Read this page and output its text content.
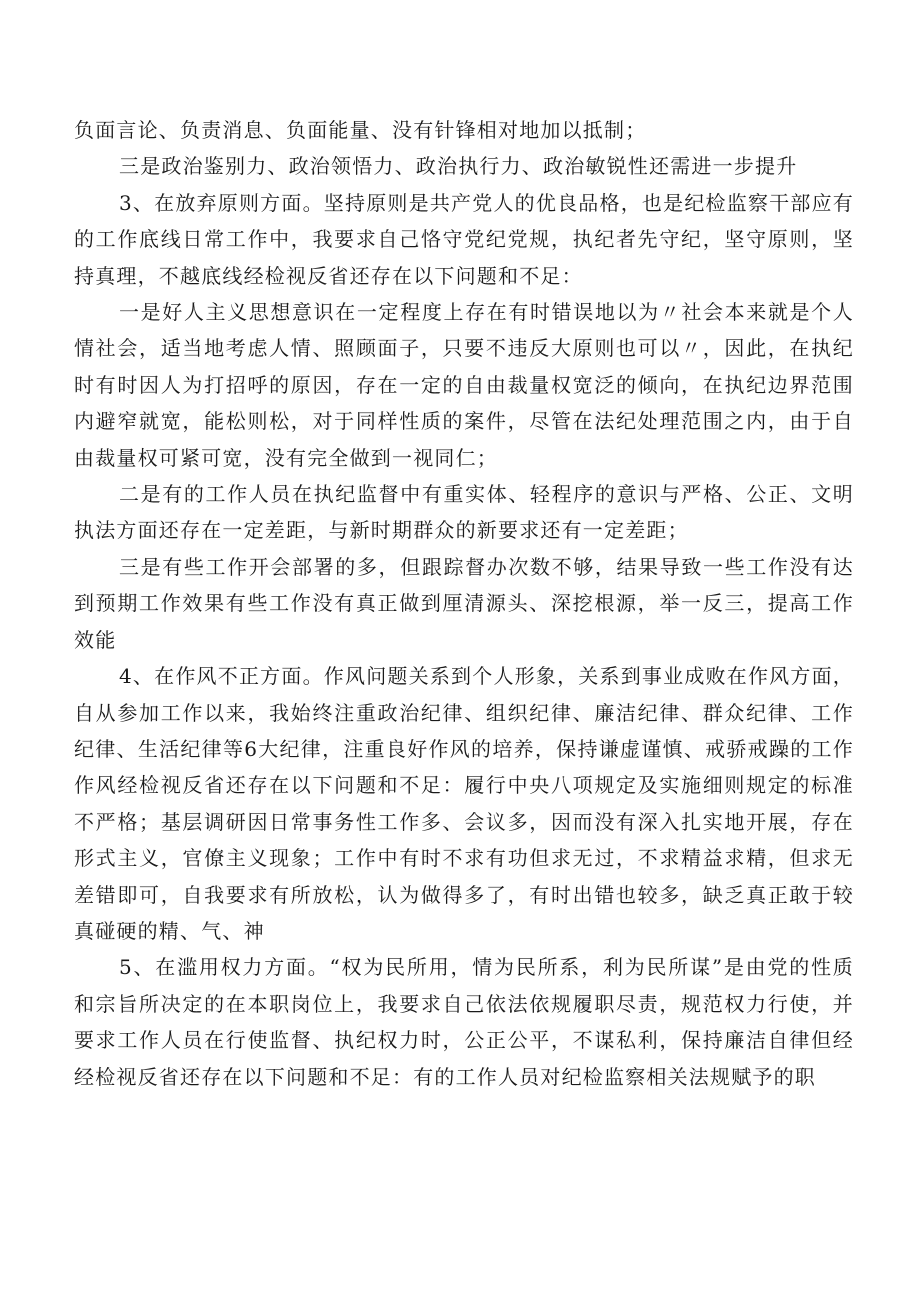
负面言论、负责消息、负面能量、没有针锋相对地加以抵制；

三是政治鉴别力、政治领悟力、政治执行力、政治敏锐性还需进一步提升

3、在放弃原则方面。坚持原则是共产党人的优良品格，也是纪检监察干部应有的工作底线日常工作中，我要求自己恪守党纪党规，执纪者先守纪，坚守原则，坚持真理，不越底线经检视反省还存在以下问题和不足：

一是好人主义思想意识在一定程度上存在有时错误地以为〃社会本来就是个人情社会，适当地考虑人情、照顾面子，只要不违反大原则也可以〃，因此，在执纪时有时因人为打招呼的原因，存在一定的自由裁量权宽泛的倾向，在执纪边界范围内避窄就宽，能松则松，对于同样性质的案件，尽管在法纪处理范围之内，由于自由裁量权可紧可宽，没有完全做到一视同仁；

二是有的工作人员在执纪监督中有重实体、轻程序的意识与严格、公正、文明执法方面还存在一定差距，与新时期群众的新要求还有一定差距；

三是有些工作开会部署的多，但跟踪督办次数不够，结果导致一些工作没有达到预期工作效果有些工作没有真正做到厘清源头、深挖根源，举一反三，提高工作效能

4、在作风不正方面。作风问题关系到个人形象，关系到事业成败在作风方面，自从参加工作以来，我始终注重政治纪律、组织纪律、廉洁纪律、群众纪律、工作纪律、生活纪律等6大纪律，注重良好作风的培养，保持谦虚谨慎、戒骄戒躁的工作作风经检视反省还存在以下问题和不足：履行中央八项规定及实施细则规定的标准不严格；基层调研因日常事务性工作多、会议多，因而没有深入扎实地开展，存在形式主义，官僚主义现象；工作中有时不求有功但求无过，不求精益求精，但求无差错即可，自我要求有所放松，认为做得多了，有时出错也较多，缺乏真正敢于较真碰硬的精、气、神

5、在滥用权力方面。“权为民所用，情为民所系，利为民所谋”是由党的性质和宗旨所决定的在本职岗位上，我要求自己依法依规履职尽责，规范权力行使，并要求工作人员在行使监督、执纪权力时，公正公平，不谋私利，保持廉洁自律但经经检视反省还存在以下问题和不足：有的工作人员对纪检监察相关法规赋予的职
